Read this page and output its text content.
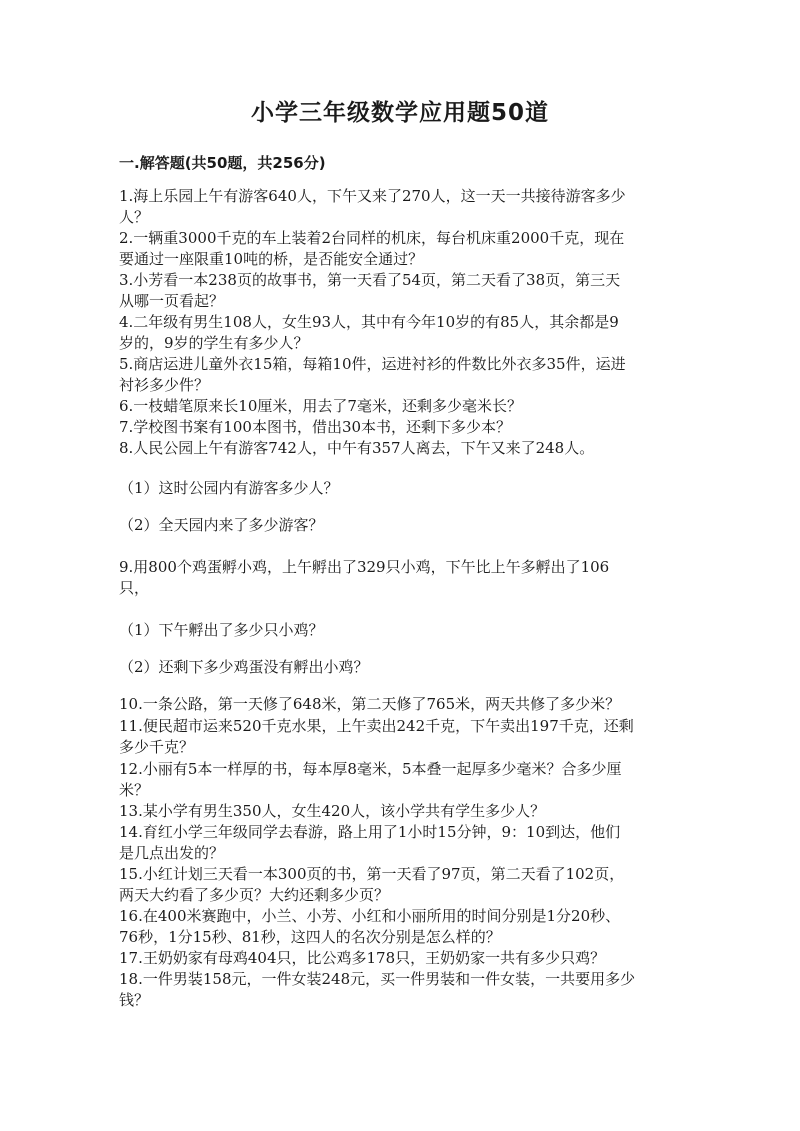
小学三年级数学应用题50道
一.解答题(共50题，共256分)

1.海上乐园上午有游客640人，下午又来了270人，这一天一共接待游客多少
人？

2.一辆重3000千克的车上装着2台同样的机床，每台机床重2000千克，现在
要通过一座限重10吨的桥，是否能安全通过？

3.小芳看一本238页的故事书，第一天看了54页，第二天看了38页，第三天
从哪一页看起？

4.二年级有男生108人，女生93人，其中有今年10岁的有85人，其余都是9
岁的，9岁的学生有多少人？

5.商店运进儿童外衣15箱，每箱10件，运进衬衫的件数比外衣多35件，运进
衬衫多少件？

6.一枝蜡笔原来长10厘米，用去了7毫米，还剩多少毫米长？

7.学校图书案有100本图书，借出30本书，还剩下多少本？

8.人民公园上午有游客742人，中午有357人离去，下午又来了248人。

（1）这时公园内有游客多少人？

（2）全天园内来了多少游客？

9.用800个鸡蛋孵小鸡，上午孵出了329只小鸡，下午比上午多孵出了106
只，

（1）下午孵出了多少只小鸡？

（2）还剩下多少鸡蛋没有孵出小鸡？

10.一条公路，第一天修了648米，第二天修了765米，两天共修了多少米？

11.便民超市运来520千克水果，上午卖出242千克，下午卖出197千克，还剩
多少千克？

12.小丽有5本一样厚的书，每本厚8毫米，5本叠一起厚多少毫米？合多少厘
米？

13.某小学有男生350人，女生420人，该小学共有学生多少人？

14.育红小学三年级同学去春游，路上用了1小时15分钟，9：10到达，他们
是几点出发的？

15.小红计划三天看一本300页的书，第一天看了97页，第二天看了102页，
两天大约看了多少页？大约还剩多少页？

16.在400米赛跑中，小兰、小芳、小红和小丽所用的时间分别是1分20秒、
76秒，1分15秒、81秒，这四人的名次分别是怎么样的？

17.王奶奶家有母鸡404只，比公鸡多178只，王奶奶家一共有多少只鸡？

18.一件男装158元，一件女装248元，买一件男装和一件女装，一共要用多少
钱？
